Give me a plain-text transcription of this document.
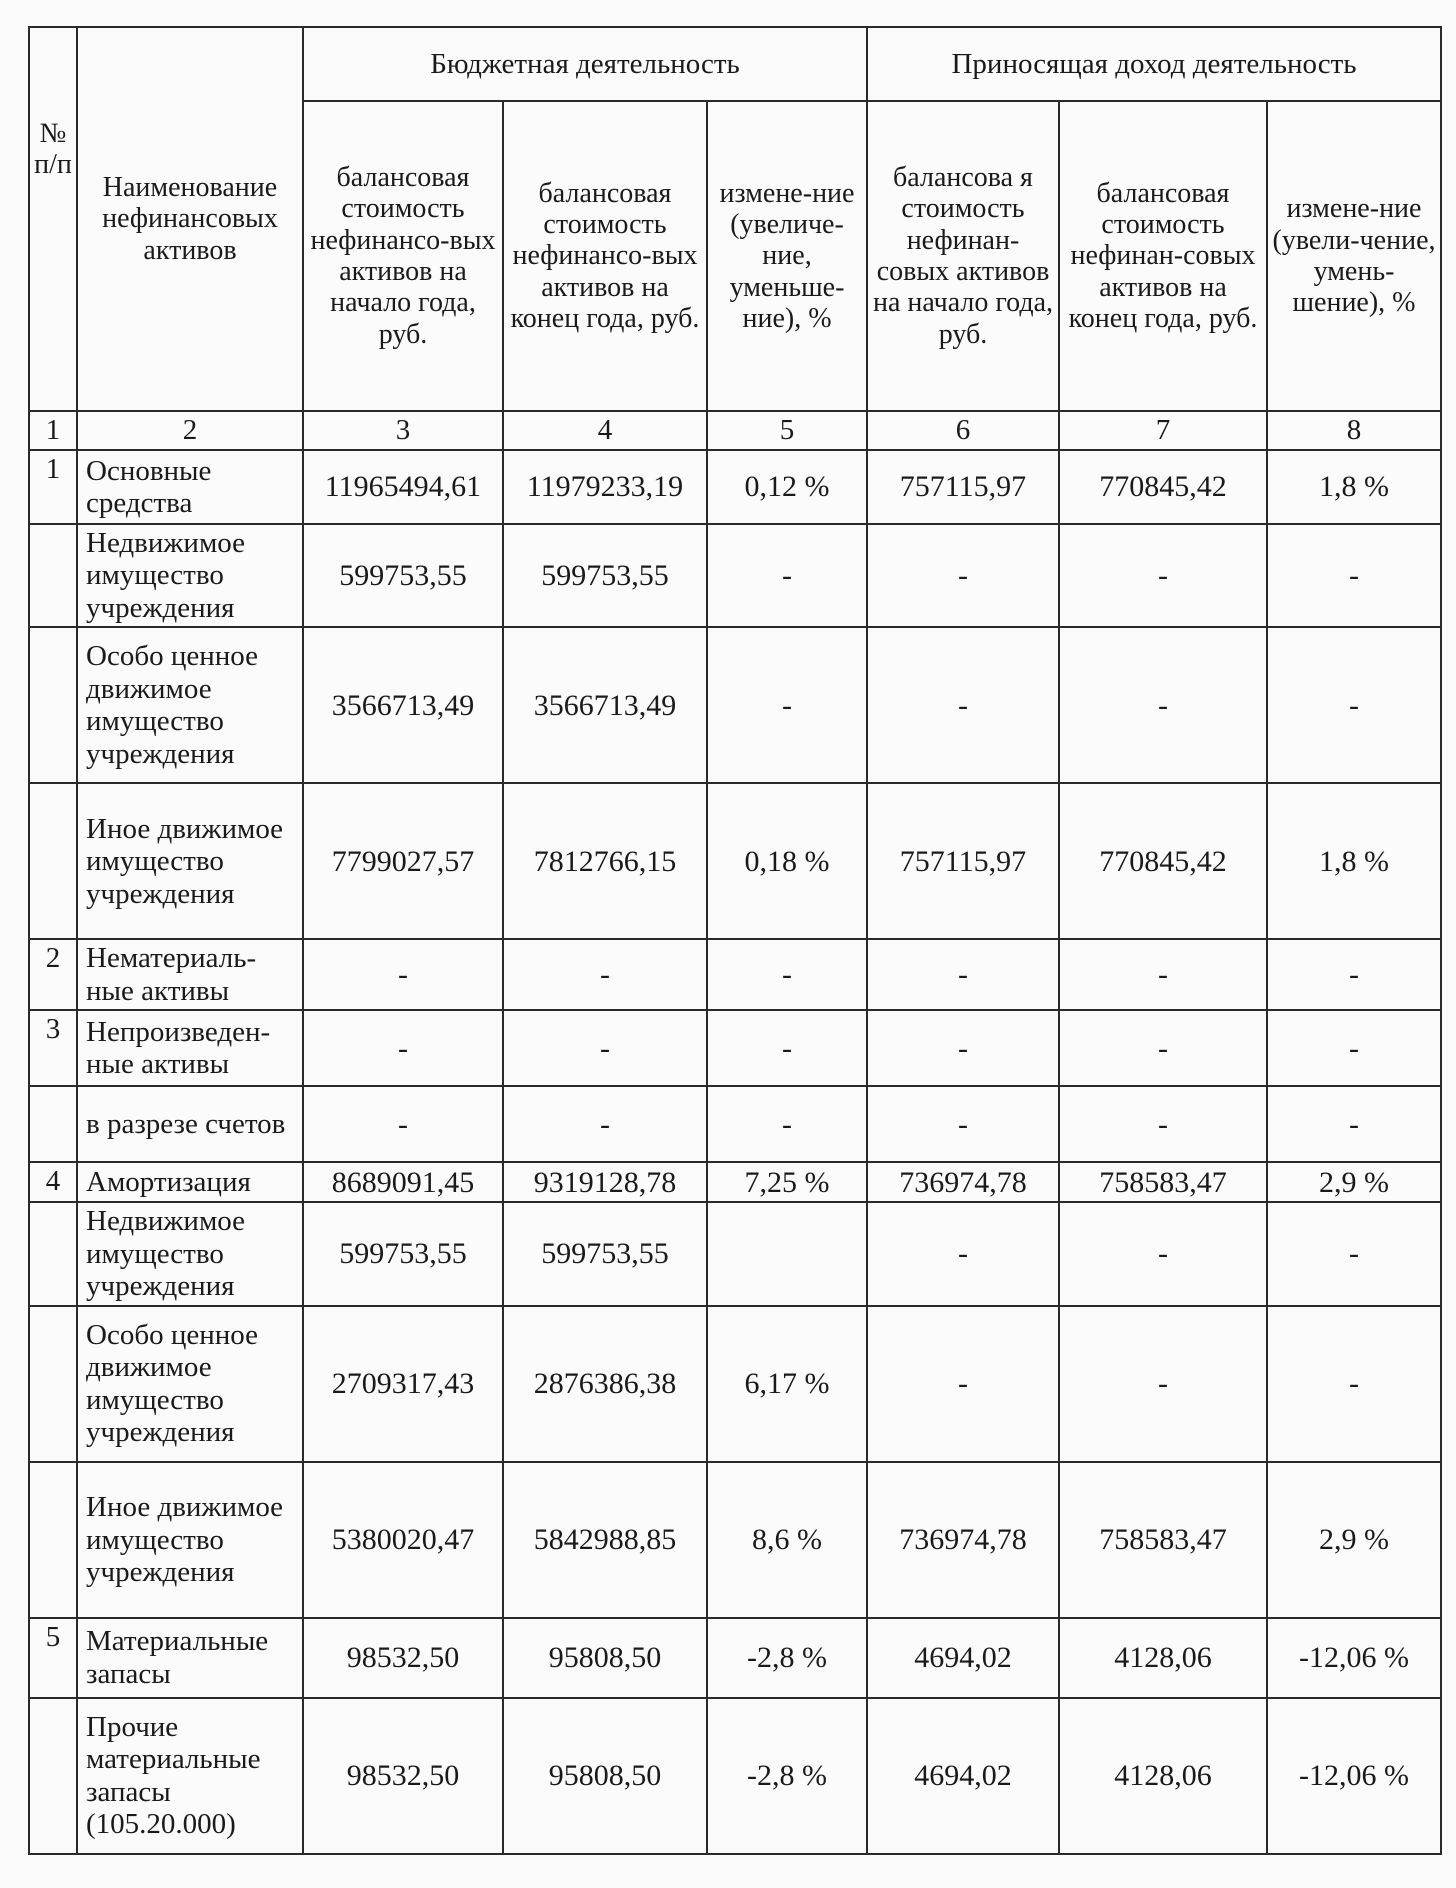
№ п/п	Наименование нефинансовых активов	Бюджетная деятельность			Приносящая доход деятельность		
		балансовая стоимость нефинансо-вых активов на начало года, руб.	балансовая стоимость нефинансо-вых активов на конец года, руб.	измене-ние (увеличе-ние, уменьше-ние), %	балансова я стоимость нефинан-совых активов на начало года, руб.	балансовая стоимость нефинан-совых активов на конец года, руб.	измене-ние (увели-чение, умень-шение), %
1	2	3	4	5	6	7	8
1	Основные средства	11965494,61	11979233,19	0,12 %	757115,97	770845,42	1,8 %
	Недвижимое имущество учреждения	599753,55	599753,55	-	-	-	-
	Особо ценное движимое имущество учреждения	3566713,49	3566713,49	-	-	-	-
	Иное движимое имущество учреждения	7799027,57	7812766,15	0,18 %	757115,97	770845,42	1,8 %
2	Нематериаль-ные активы	-	-	-	-	-	-
3	Непроизведен-ные активы	-	-	-	-	-	-
	в разрезе счетов	-	-	-	-	-	-
4	Амортизация	8689091,45	9319128,78	7,25 %	736974,78	758583,47	2,9 %
	Недвижимое имущество учреждения	599753,55	599753,55		-	-	-
	Особо ценное движимое имущество учреждения	2709317,43	2876386,38	6,17 %	-	-	-
	Иное движимое имущество учреждения	5380020,47	5842988,85	8,6 %	736974,78	758583,47	2,9 %
5	Материальные запасы	98532,50	95808,50	-2,8 %	4694,02	4128,06	-12,06 %
	Прочие материальные запасы (105.20.000)	98532,50	95808,50	-2,8 %	4694,02	4128,06	-12,06 %
